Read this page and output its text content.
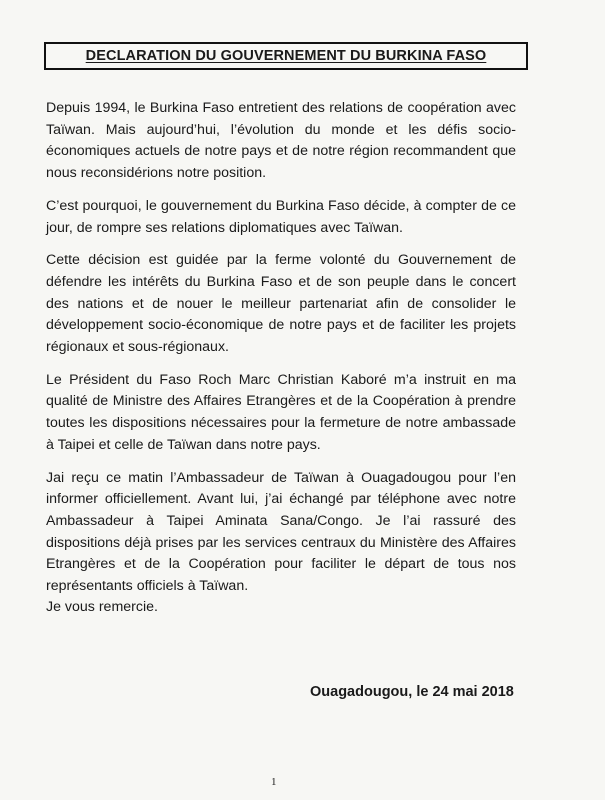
DECLARATION DU GOUVERNEMENT DU BURKINA FASO

Depuis 1994, le Burkina Faso entretient des relations de coopération avec Taïwan. Mais aujourd’hui, l’évolution du monde et les défis socio-économiques actuels de notre pays et de notre région recommandent que nous reconsidérions notre position.

C’est pourquoi, le gouvernement du Burkina Faso décide, à compter de ce jour, de rompre ses relations diplomatiques avec Taïwan.

Cette décision est guidée par la ferme volonté du Gouvernement de défendre les intérêts du Burkina Faso et de son peuple dans le concert des nations et de nouer le meilleur partenariat afin de consolider le développement socio-économique de notre pays et de faciliter les projets régionaux et sous-régionaux.

Le Président du Faso Roch Marc Christian Kaboré m’a instruit en ma qualité de Ministre des Affaires Etrangères et de la Coopération à prendre toutes les dispositions nécessaires pour la fermeture de notre ambassade à Taipei et celle de Taïwan dans notre pays.

Jai reçu ce matin l’Ambassadeur de Taïwan à Ouagadougou pour l’en informer officiellement. Avant lui, j’ai échangé par téléphone avec notre Ambassadeur à Taipei Aminata Sana/Congo. Je l’ai rassuré des dispositions déjà prises par les services centraux du Ministère des Affaires Etrangères et de la Coopération pour faciliter le départ de tous nos représentants officiels à Taïwan.

Je vous remercie.
Ouagadougou, le 24 mai 2018
1
